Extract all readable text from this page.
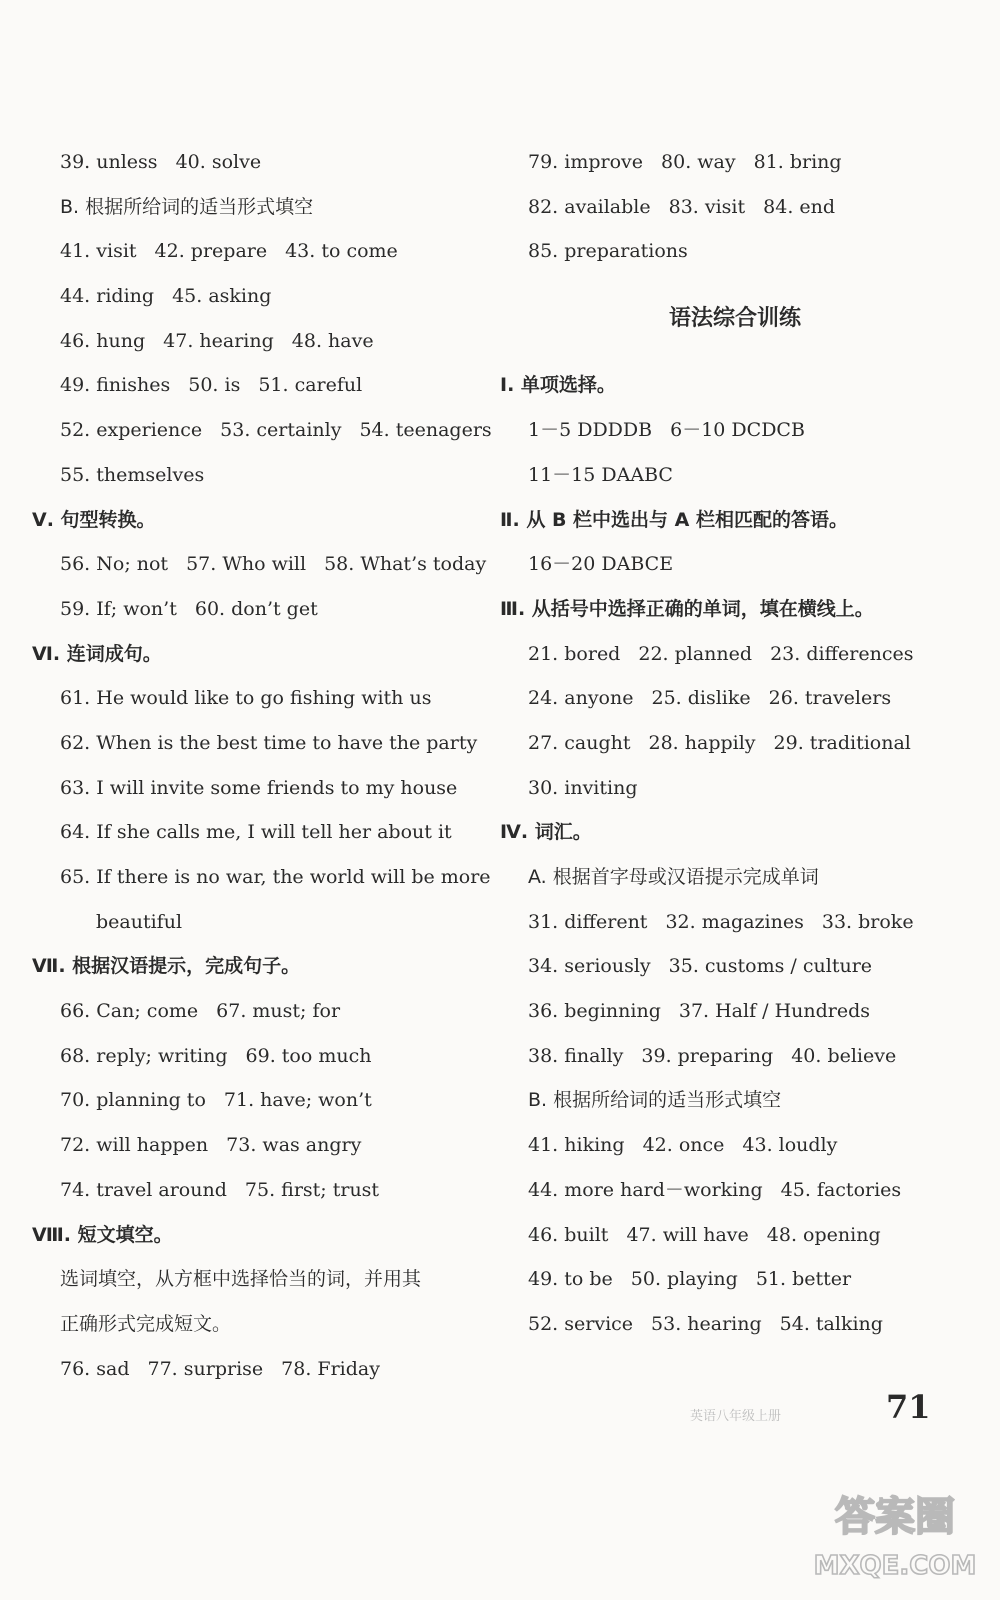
39. unless 40. solve
B. 根据所给词的适当形式填空
41. visit 42. prepare 43. to come
44. riding 45. asking
46. hung 47. hearing 48. have
49. finishes 50. is 51. careful
52. experience 53. certainly 54. teenagers
55. themselves
Ⅴ. 句型转换。
56. No; not 57. Who will 58. What’s today
59. If; won’t 60. don’t get
Ⅵ. 连词成句。
61. He would like to go fishing with us
62. When is the best time to have the party
63. I will invite some friends to my house
64. If she calls me, I will tell her about it
65. If there is no war, the world will be more
beautiful
Ⅶ. 根据汉语提示，完成句子。
66. Can; come 67. must; for
68. reply; writing 69. too much
70. planning to 71. have; won’t
72. will happen 73. was angry
74. travel around 75. first; trust
Ⅷ. 短文填空。
选词填空，从方框中选择恰当的词，并用其
正确形式完成短文。
76. sad 77. surprise 78. Friday
79. improve 80. way 81. bring
82. available 83. visit 84. end
85. preparations
语法综合训练
Ⅰ. 单项选择。
1－5 DDDDB 6－10 DCDCB
11－15 DAABC
Ⅱ. 从 B 栏中选出与 A 栏相匹配的答语。
16－20 DABCE
Ⅲ. 从括号中选择正确的单词，填在横线上。
21. bored 22. planned 23. differences
24. anyone 25. dislike 26. travelers
27. caught 28. happily 29. traditional
30. inviting
Ⅳ. 词汇。
A. 根据首字母或汉语提示完成单词
31. different 32. magazines 33. broke
34. seriously 35. customs / culture
36. beginning 37. Half / Hundreds
38. finally 39. preparing 40. believe
B. 根据所给词的适当形式填空
41. hiking 42. once 43. loudly
44. more hard－working 45. factories
46. built 47. will have 48. opening
49. to be 50. playing 51. better
52. service 53. hearing 54. talking
英语八年级上册	71
答案圈
MXQE.COM
